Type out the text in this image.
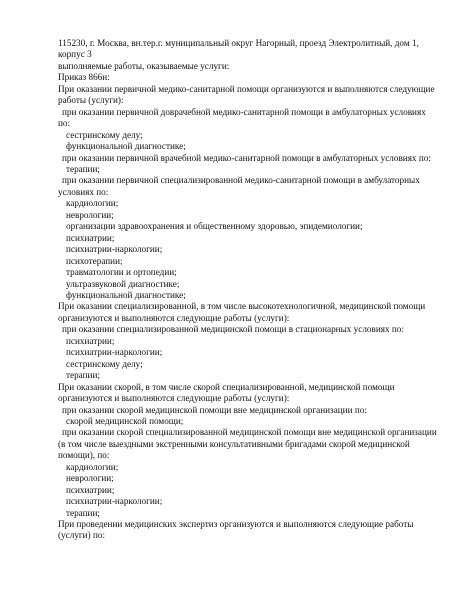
115230, г. Москва, вн.тер.г. муниципальный округ Нагорный, проезд Электролитный, дом 1,
корпус 3
выполняемые работы, оказываемые услуги:
Приказ 866н:
При оказании первичной медико-санитарной помощи организуются и выполняются следующие
работы (услуги):
при оказании первичной доврачебной медико-санитарной помощи в амбулаторных условиях
по:
сестринскому делу;
функциональной диагностике;
при оказании первичной врачебной медико-санитарной помощи в амбулаторных условиях по:
терапии;
при оказании первичной специализированной медико-санитарной помощи в амбулаторных
условиях по:
кардиологии;
неврологии;
организации здравоохранения и общественному здоровью, эпидемиологии;
психиатрии;
психиатрии-наркологии;
психотерапии;
травматологии и ортопедии;
ультразвуковой диагностике;
функциональной диагностике;
При оказании специализированной, в том числе высокотехнологичной, медицинской помощи
организуются и выполняются следующие работы (услуги):
при оказании специализированной медицинской помощи в стационарных условиях по:
психиатрии;
психиатрии-наркологии;
сестринскому делу;
терапии;
При оказании скорой, в том числе скорой специализированной, медицинской помощи
организуются и выполняются следующие работы (услуги):
при оказании скорой медицинской помощи вне медицинской организации по:
скорой медицинской помощи;
при оказании скорой специализированной медицинской помощи вне медицинской организации
(в том числе выездными экстренными консультативными бригадами скорой медицинской
помощи), по:
кардиологии;
неврологии;
психиатрии;
психиатрии-наркологии;
терапии;
При проведении медицинских экспертиз организуются и выполняются следующие работы
(услуги) по:
